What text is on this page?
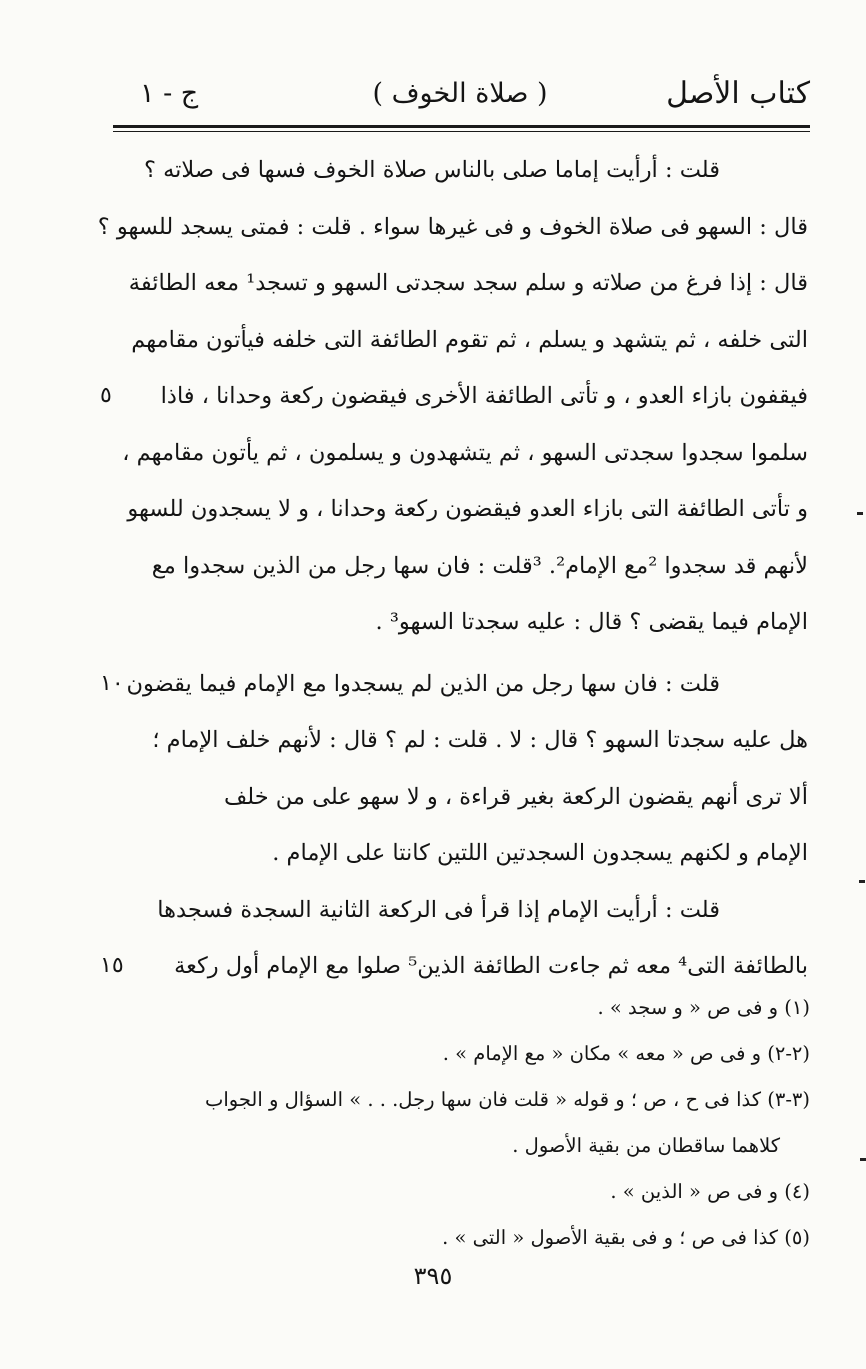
كتاب الأصل
( صلاة الخوف )
ج - ١
قلت : أرأيت إماما صلى بالناس صلاة الخوف فسها فى صلاته ؟
قال : السهو فى صلاة الخوف و فى غيرها سواء . قلت : فمتى يسجد للسهو ؟
قال : إذا فرغ من صلاته و سلم سجد سجدتى السهو و تسجد¹ معه الطائفة
التى خلفه ، ثم يتشهد و يسلم ، ثم تقوم الطائفة التى خلفه فيأتون مقامهم
فيقفون بازاء العدو ، و تأتى الطائفة الأخرى فيقضون ركعة وحدانا ، فاذا
٥
سلموا سجدوا سجدتى السهو ، ثم يتشهدون و يسلمون ، ثم يأتون مقامهم ،
و تأتى الطائفة التى بازاء العدو فيقضون ركعة وحدانا ، و لا يسجدون للسهو
لأنهم قد سجدوا ²مع الإمام². ³قلت : فان سها رجل من الذين سجدوا مع
الإمام فيما يقضى ؟ قال : عليه سجدتا السهو³ .
قلت : فان سها رجل من الذين لم يسجدوا مع الإمام فيما يقضون
١٠
هل عليه سجدتا السهو ؟ قال : لا . قلت : لم ؟ قال : لأنهم خلف الإمام ؛
ألا ترى أنهم يقضون الركعة بغير قراءة ، و لا سهو على من خلف
الإمام و لكنهم يسجدون السجدتين اللتين كانتا على الإمام .
قلت : أرأيت الإمام إذا قرأ فى الركعة الثانية السجدة فسجدها
بالطائفة التى⁴ معه ثم جاءت الطائفة الذين⁵ صلوا مع الإمام أول ركعة
١٥
(١) و فى ص « و سجد » .
(٢-٢) و فى ص « معه » مكان « مع الإمام » .
(٣-٣) كذا فى ح ، ص ؛ و قوله « قلت فان سها رجل. . . » السؤال و الجواب
كلاهما ساقطان من بقية الأصول .
(٤) و فى ص « الذين » .
(٥) كذا فى ص ؛ و فى بقية الأصول « التى » .
٣٩٥
